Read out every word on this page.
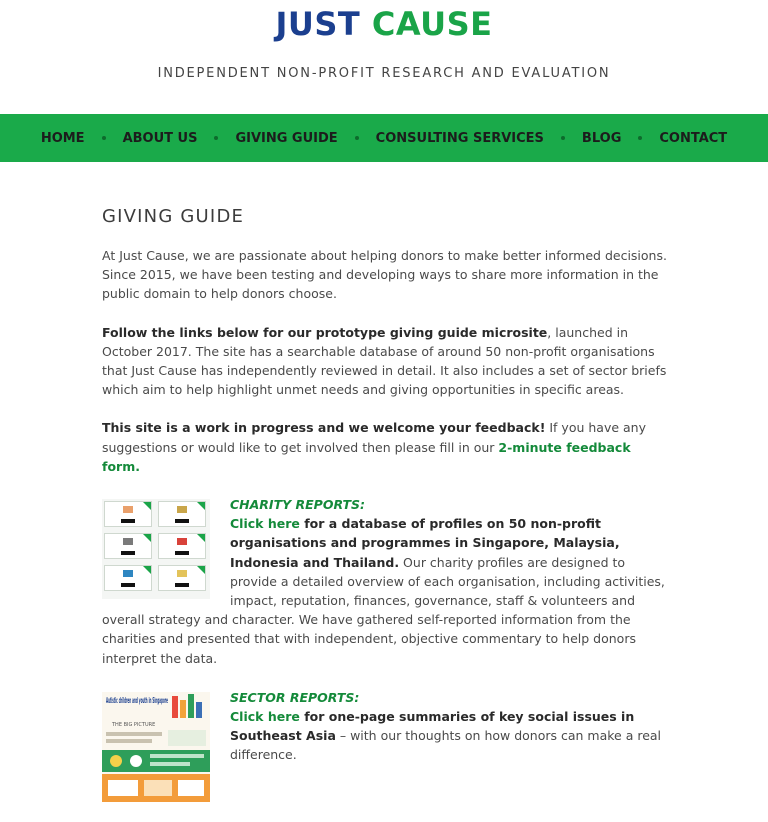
JUST CAUSE
INDEPENDENT NON-PROFIT RESEARCH AND EVALUATION
HOME	ABOUT US	GIVING GUIDE	CONSULTING SERVICES	BLOG	CONTACT
GIVING GUIDE

At Just Cause, we are passionate about helping donors to make better informed decisions. Since 2015, we have been testing and developing ways to share more information in the public domain to help donors choose.

Follow the links below for our prototype giving guide microsite, launched in October 2017. The site has a searchable database of around 50 non-profit organisations that Just Cause has independently reviewed in detail. It also includes a set of sector briefs which aim to help highlight unmet needs and giving opportunities in specific areas.

This site is a work in progress and we welcome your feedback! If you have any suggestions or would like to get involved then please fill in our 2-minute feedback form.

CHARITY REPORTS:
Click here for a database of profiles on 50 non-profit organisations and programmes in Singapore, Malaysia, Indonesia and Thailand. Our charity profiles are designed to provide a detailed overview of each organisation, including activities, impact, reputation, finances, governance, staff & volunteers and overall strategy and character. We have gathered self-reported information from the charities and presented that with independent, objective commentary to help donors interpret the data.
Autistic children and youth in Singapore
THE BIG PICTURE
SECTOR REPORTS:
Click here for one-page summaries of key social issues in Southeast Asia – with our thoughts on how donors can make a real difference.
